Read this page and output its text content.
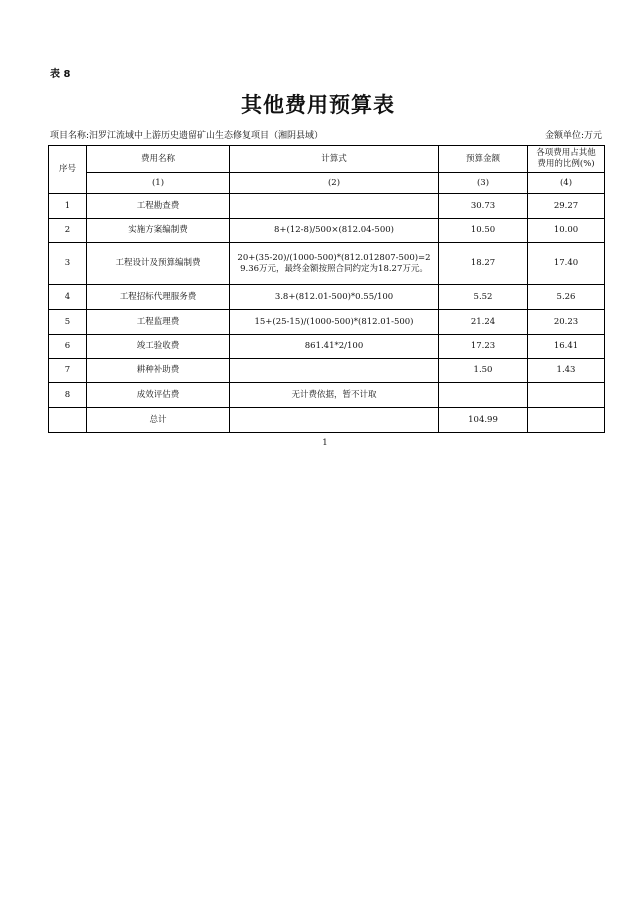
表 8
其他费用预算表
项目名称:汨罗江流域中上游历史遗留矿山生态修复项目（湘阴县域）	金额单位:万元
序号	费用名称	计算式	预算金额	各项费用占其他
费用的比例(%)

	(1)	(2)	(3)	(4)
1	工程勘查费		30.73	29.27
2	实施方案编制费	8+(12-8)/500×(812.04-500)	10.50	10.00
3	工程设计及预算编制费	20+(35-20)/(1000-500)*(812.012807-500)=29.36万元，最终金额按照合同约定为18.27万元。	18.27	17.40
4	工程招标代理服务费	3.8+(812.01-500)*0.55/100	5.52	5.26
5	工程监理费	15+(25-15)/(1000-500)*(812.01-500)	21.24	20.23
6	竣工验收费	861.41*2/100	17.23	16.41
7	耕种补助费		1.50	1.43
8	成效评估费	无计费依据，暂不计取		
	总计		104.99	
1
